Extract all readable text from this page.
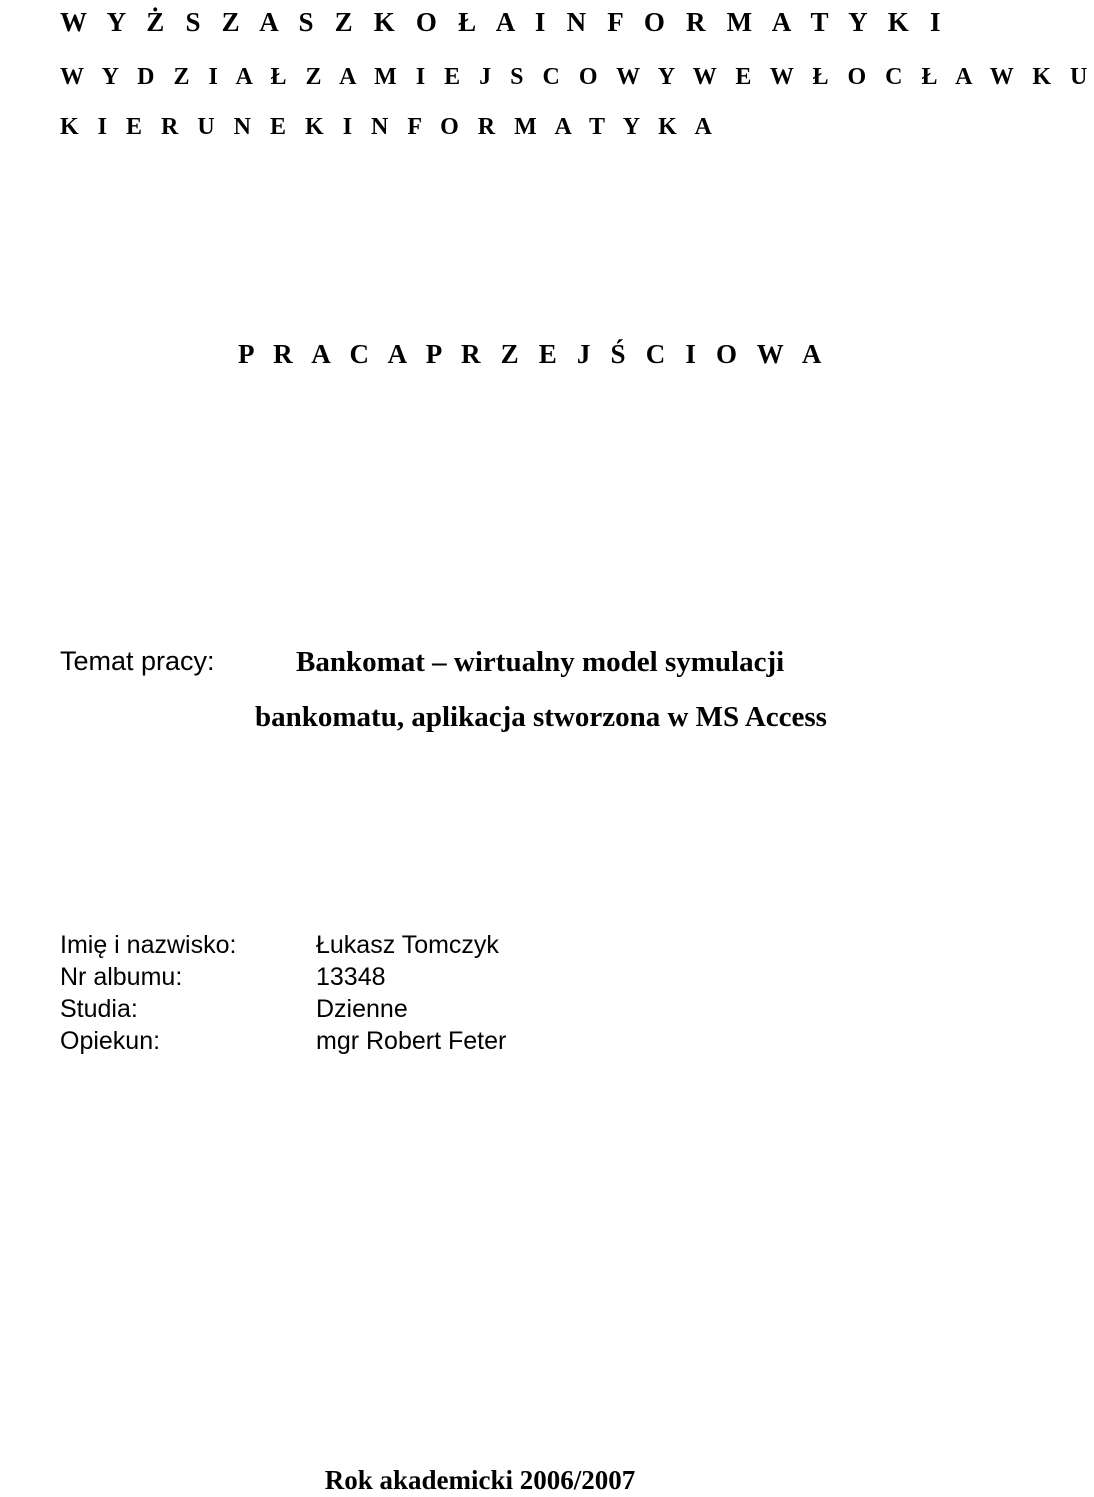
W Y Ż S Z A S Z K O Ł A I N F O R M A T Y K I
W Y D Z I A Ł Z A M I E J S C O W Y W E W Ł O C Ł A W K U
K I E R U N E K I N F O R M A T Y K A
P R A C A P R Z E J Ś C I O W A
Temat pracy:	Bankomat – wirtualny model symulacji
bankomatu, aplikacja stworzona w MS Access
Imię i nazwisko:	Łukasz Tomczyk
Nr albumu:	13348
Studia:	Dzienne
Opiekun:	mgr Robert Feter
Rok akademicki 2006/2007
